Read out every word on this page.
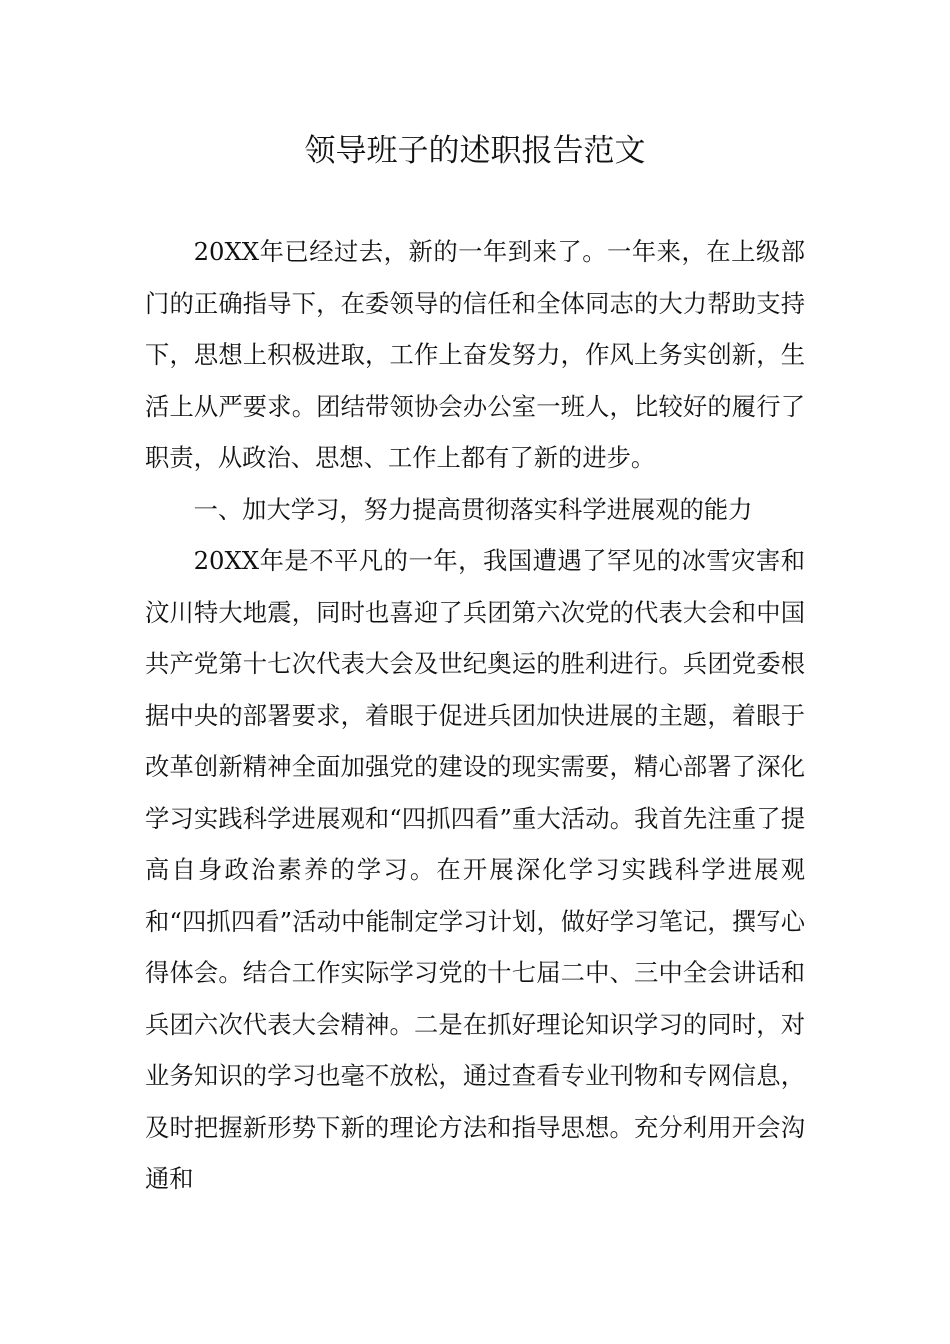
领导班子的述职报告范文

20XX年已经过去，新的一年到来了。一年来，在上级部门的正确指导下，在委领导的信任和全体同志的大力帮助支持下，思想上积极进取，工作上奋发努力，作风上务实创新，生活上从严要求。团结带领协会办公室一班人，比较好的履行了职责，从政治、思想、工作上都有了新的进步。

一、加大学习，努力提高贯彻落实科学进展观的能力

20XX年是不平凡的一年，我国遭遇了罕见的冰雪灾害和汶川特大地震，同时也喜迎了兵团第六次党的代表大会和中国共产党第十七次代表大会及世纪奥运的胜利进行。兵团党委根据中央的部署要求，着眼于促进兵团加快进展的主题，着眼于改革创新精神全面加强党的建设的现实需要，精心部署了深化学习实践科学进展观和“四抓四看”重大活动。我首先注重了提高自身政治素养的学习。在开展深化学习实践科学进展观和“四抓四看”活动中能制定学习计划，做好学习笔记，撰写心得体会。结合工作实际学习党的十七届二中、三中全会讲话和兵团六次代表大会精神。二是在抓好理论知识学习的同时，对业务知识的学习也毫不放松，通过查看专业刊物和专网信息，及时把握新形势下新的理论方法和指导思想。充分利用开会沟通和
